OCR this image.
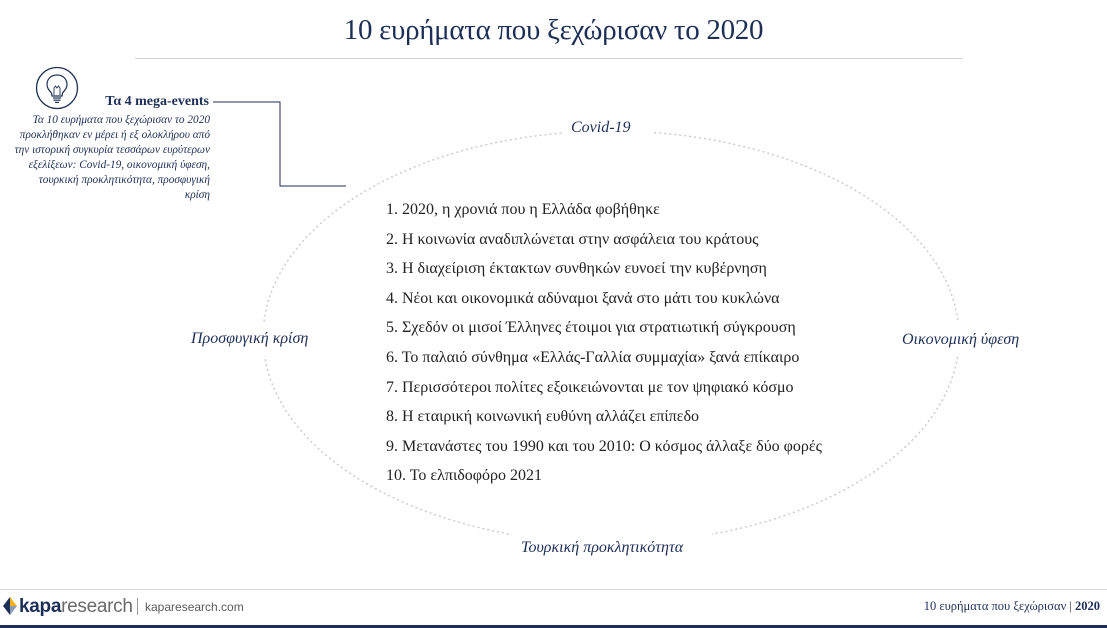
10 ευρήματα που ξεχώρισαν το 2020
Τα 4 mega-events
Τα 10 ευρήματα που ξεχώρισαν το 2020 προκλήθηκαν εν μέρει ή εξ ολοκλήρου από την ιστορική συγκυρία τεσσάρων ευρύτερων εξελίξεων: Covid-19, οικονομική ύφεση, τουρκική προκλητικότητα, προσφυγική κρίση
Covid-19
Προσφυγική κρίση	Οικονομική ύφεση
Τουρκική προκλητικότητα
1. 2020, η χρονιά που η Ελλάδα φοβήθηκε
2. Η κοινωνία αναδιπλώνεται στην ασφάλεια του κράτους
3. Η διαχείριση έκτακτων συνθηκών ευνοεί την κυβέρνηση
4. Νέοι και οικονομικά αδύναμοι ξανά στο μάτι του κυκλώνα
5. Σχεδόν οι μισοί Έλληνες έτοιμοι για στρατιωτική σύγκρουση
6. Το παλαιό σύνθημα «Ελλάς-Γαλλία συμμαχία» ξανά επίκαιρο
7. Περισσότεροι πολίτες εξοικειώνονται με τον ψηφιακό κόσμο
8. Η εταιρική κοινωνική ευθύνη αλλάζει επίπεδο
9. Μετανάστες του 1990 και του 2010: Ο κόσμος άλλαξε δύο φορές
10. Το ελπιδοφόρο 2021
kaparesearch kaparesearch.com	10 ευρήματα που ξεχώρισαν | 2020
